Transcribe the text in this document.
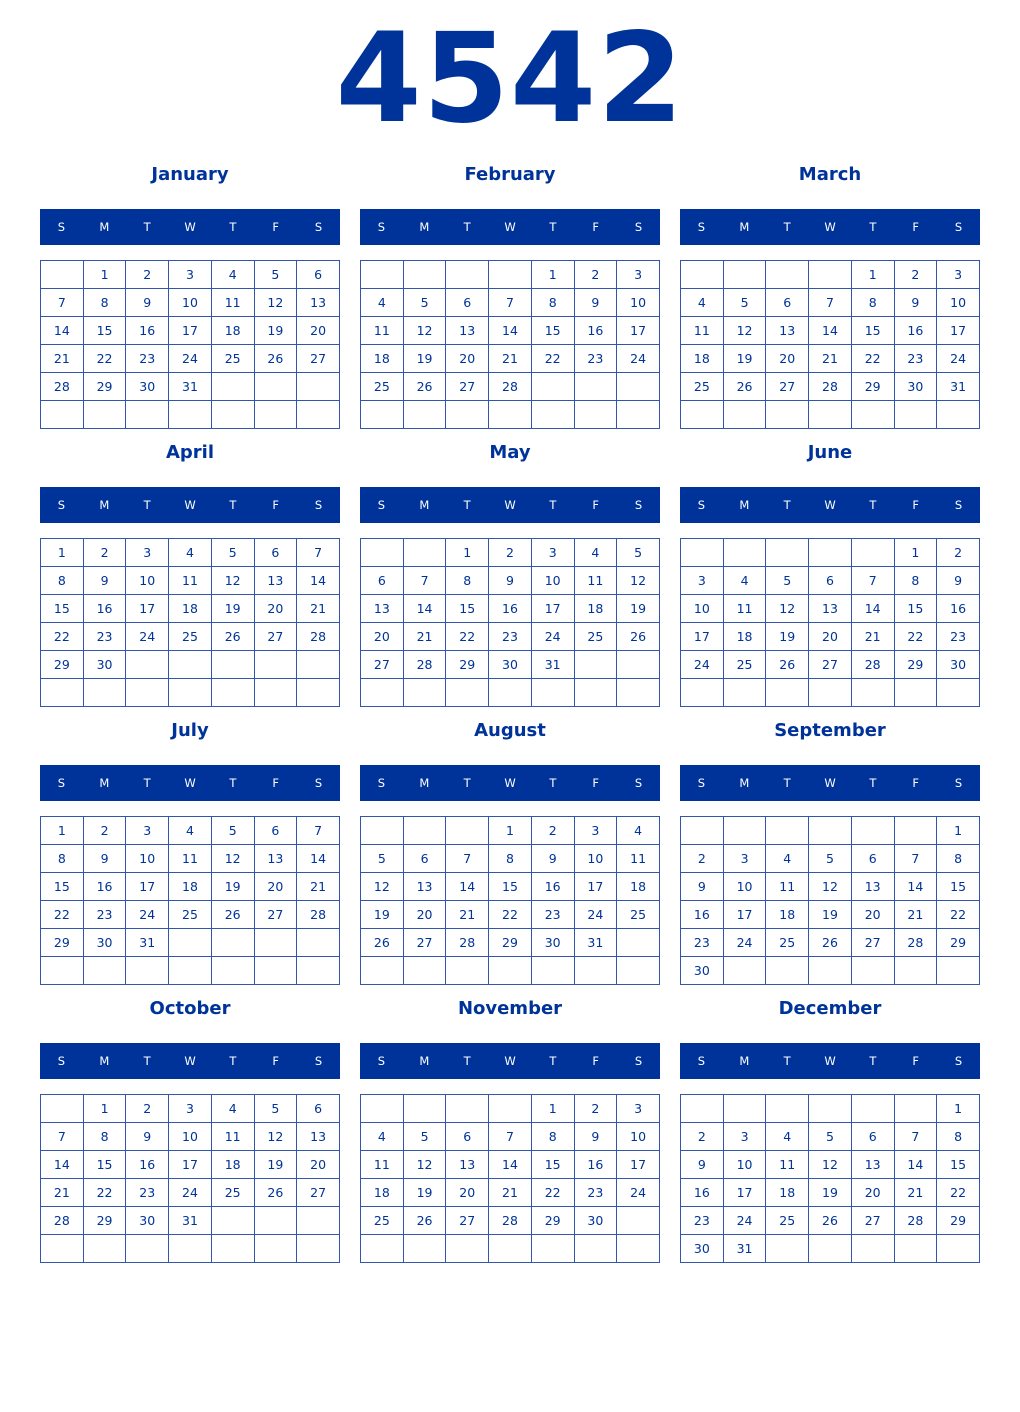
4542
January
S	M	T	W	T	F	S
	1	2	3	4	5	6
7	8	9	10	11	12	13
14	15	16	17	18	19	20
21	22	23	24	25	26	27
28	29	30	31			

February
S	M	T	W	T	F	S
				1	2	3
4	5	6	7	8	9	10
11	12	13	14	15	16	17
18	19	20	21	22	23	24
25	26	27	28			

March
S	M	T	W	T	F	S
				1	2	3
4	5	6	7	8	9	10
11	12	13	14	15	16	17
18	19	20	21	22	23	24
25	26	27	28	29	30	31

April
S	M	T	W	T	F	S
1	2	3	4	5	6	7
8	9	10	11	12	13	14
15	16	17	18	19	20	21
22	23	24	25	26	27	28
29	30					

May
S	M	T	W	T	F	S
		1	2	3	4	5
6	7	8	9	10	11	12
13	14	15	16	17	18	19
20	21	22	23	24	25	26
27	28	29	30	31		

June
S	M	T	W	T	F	S
					1	2
3	4	5	6	7	8	9
10	11	12	13	14	15	16
17	18	19	20	21	22	23
24	25	26	27	28	29	30

July
S	M	T	W	T	F	S
1	2	3	4	5	6	7
8	9	10	11	12	13	14
15	16	17	18	19	20	21
22	23	24	25	26	27	28
29	30	31				

August
S	M	T	W	T	F	S
			1	2	3	4
5	6	7	8	9	10	11
12	13	14	15	16	17	18
19	20	21	22	23	24	25
26	27	28	29	30	31	

September
S	M	T	W	T	F	S
						1
2	3	4	5	6	7	8
9	10	11	12	13	14	15
16	17	18	19	20	21	22
23	24	25	26	27	28	29
30						
October
S	M	T	W	T	F	S
	1	2	3	4	5	6
7	8	9	10	11	12	13
14	15	16	17	18	19	20
21	22	23	24	25	26	27
28	29	30	31			

November
S	M	T	W	T	F	S
				1	2	3
4	5	6	7	8	9	10
11	12	13	14	15	16	17
18	19	20	21	22	23	24
25	26	27	28	29	30	

December
S	M	T	W	T	F	S
						1
2	3	4	5	6	7	8
9	10	11	12	13	14	15
16	17	18	19	20	21	22
23	24	25	26	27	28	29
30	31					
